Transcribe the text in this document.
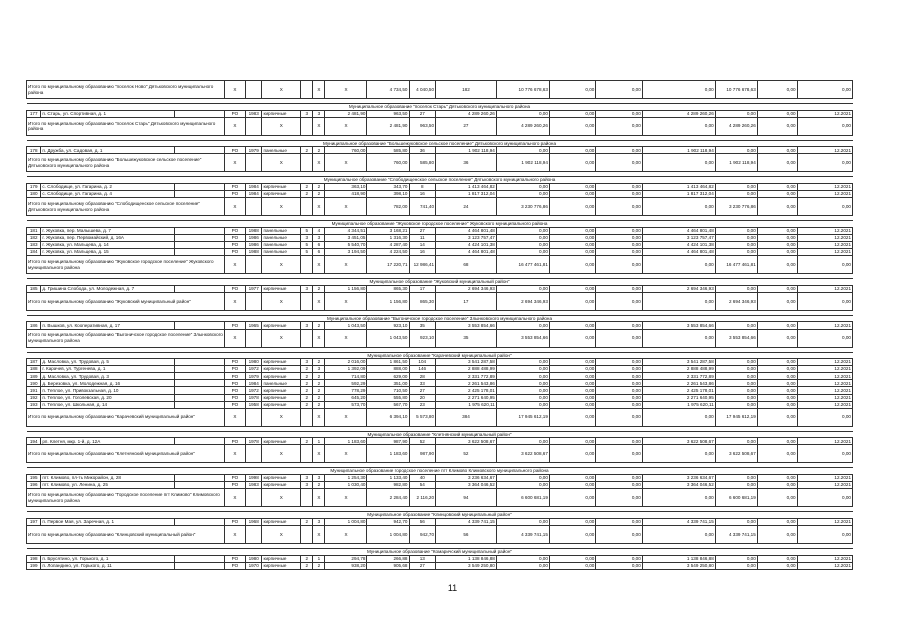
Итого по муниципальному образованию "поселок Ново" Дятьковского муниципального района			X		X		X	X	4 734,50	4 040,50	182	10 776 678,63	0,00	0,00	0,00	10 776 678,63	0,00	0,00

Муниципальное образование "поселок Старь" Дятьковского муниципального района																		
177	п. Старь, ул. Спортивная, д. 1		РО	1983	кирпичные	3	3	2 481,90	963,50	27	4 289 260,26	0,00	0,00	0,00	4 289 260,26	0,00	0,00	12.2021
Итого по муниципальному образованию "поселок Старь" Дятьковского муниципального района			X		X		X	X	2 481,90	963,50	27	4 289 260,26	0,00	0,00	0,00	4 289 260,26	0,00	0,00

Муниципальное образование "Большежуковское сельское поселение" Дятьковского муниципального района																		
178	п. Дружба, ул. Садовая, д. 1		РО	1979	панельные	2	2	760,00	585,80	36	1 902 118,94	0,00	0,00	0,00	1 902 118,94	0,00	0,00	12.2021
Итого по муниципальному образованию "Большежуковское сельское поселение" Дятьковского муниципального района			X		X		X	X	760,00	585,80	36	1 902 118,94	0,00	0,00	0,00	1 902 118,94	0,00	0,00

Муниципальное образование "Слободищенское сельское поселение" Дятьковского муниципального района																		
179	с. Слободище, ул. Гагарина, д. 2		РО	1984	кирпичные	2	2	363,10	343,70	8	1 413 464,82	0,00	0,00	0,00	1 413 464,82	0,00	0,00	12.2021
180	с. Слободище, ул. Гагарина, д. 4		РО	1984	кирпичные	2	2	418,90	398,10	16	1 817 312,04	0,00	0,00	0,00	1 817 312,04	0,00	0,00	12.2021
Итого по муниципальному образованию "Слободищенское сельское поселение" Дятьковского муниципального района			X		X		X	X	782,00	741,40	24	3 230 776,86	0,00	0,00	0,00	3 230 776,86	0,00	0,00

Муниципальное образование "Жуковское городское поселение" Жуковского муниципального района																		
181	г. Жуковка, пер. Малышева, д. 7		РО	1988	панельные	5	4	4 344,51	3 168,21	27	4 464 801,48	0,00	0,00	0,00	4 464 801,48	0,00	0,00	12.2021
182	г. Жуковка, пер. Первомайский, д. 16А		РО	1986	панельные	3	3	3 451,05	1 316,30	11	3 123 757,47	0,00	0,00	0,00	3 123 757,47	0,00	0,00	12.2021
183	г. Жуковка, ул. Мальцева, д. 14		РО	1986	панельные	5	6	5 540,70	4 287,40	14	4 424 101,38	0,00	0,00	0,00	4 424 101,38	0,00	0,00	12.2021
184	г. Жуковка, ул. Мальцева, д. 15		РО	1988	панельные	5	6	3 194,50	4 224,50	16	4 464 801,48	0,00	0,00	0,00	4 464 801,48	0,00	0,00	12.2021
Итого по муниципальному образованию "Жуковское городское поселение" Жуковского муниципального района			X		X		X	X	17 220,71	12 986,41	68	16 477 461,81	0,00	0,00	0,00	16 477 461,81	0,00	0,00

Муниципальное образование "Жуковский муниципальный район"																		
185	д. Гришина Слобода, ул. Молодежная, д. 7		РО	1977	кирпичные	3	2	1 156,80	865,30	17	2 694 346,93	0,00	0,00	0,00	2 694 346,93	0,00	0,00	12.2021
Итого по муниципальному образованию "Жуковский муниципальный район"			X		X		X	X	1 156,80	865,30	17	2 694 346,93	0,00	0,00	0,00	2 694 346,93	0,00	0,00

Муниципальное образование "Выгоничское городское поселение" Злынковского муниципального района																		
186	п. Вышков, ул. Кооперативная, д. 17		РО	1965	кирпичные	3	2	1 043,50	923,10	35	3 553 854,66	0,00	0,00	0,00	3 553 854,66	0,00	0,00	12.2021
Итого по муниципальному образованию "Выгоничское городское поселение" Злынковского муниципального района			X		X		X	X	1 043,50	923,10	35	3 553 854,66	0,00	0,00	0,00	3 553 854,66	0,00	0,00

Муниципальное образование "Карачевский муниципальный район"																		
187	д. Масловка, ул. Трудовая, д. 5		РО	1980	кирпичные	3	2	2 016,00	1 861,50	104	3 541 287,58	0,00	0,00	0,00	3 541 287,58	0,00	0,00	12.2021
188	г. Карачев, ул. Тургенева, д. 1		РО	1972	кирпичные	2	3	1 392,09	888,00	146	2 888 488,99	0,00	0,00	0,00	2 888 488,99	0,00	0,00	12.2021
189	д. Масловка, ул. Трудовая, д. 3		РО	1979	кирпичные	2	2	714,80	629,00	28	2 331 772,89	0,00	0,00	0,00	2 331 772,89	0,00	0,00	12.2021
190	д. Березовка, ул. Молодежная, д. 16		РО	1984	панельные	2	2	592,29	351,00	33	2 261 543,86	0,00	0,00	0,00	2 261 543,86	0,00	0,00	12.2021
191	п. Теплое, ул. Привокзальная, д. 10		РО	1972	кирпичные	2	2	778,29	710,50	27	2 425 178,01	0,00	0,00	0,00	2 425 178,01	0,00	0,00	12.2021
192	п. Теплое, ул. Гоголевская, д. 20		РО	1978	кирпичные	2	2	645,20	555,80	20	2 271 640,95	0,00	0,00	0,00	2 271 640,95	0,00	0,00	12.2021
193	п. Теплое, ул. Школьная, д. 14		РО	1958	кирпичные	2	2	573,70	567,70	23	1 975 620,11	0,00	0,00	0,00	1 975 620,11	0,00	0,00	12.2021
Итого по муниципальному образованию "Карачевский муниципальный район"			X		X		X	X	6 394,10	5 573,80	384	17 945 612,19	0,00	0,00	0,00	17 945 612,19	0,00	0,00

Муниципальное образование "Клетнянский муниципальный район"																		
194	рп. Клетня, мкр. 1-й, д. 12А		РО	1978	кирпичные	2	1	1 183,60	987,90	52	3 622 508,67	0,00	0,00	0,00	3 622 508,67	0,00	0,00	12.2021
Итого по муниципальному образованию "Клетнянский муниципальный район"			X		X		X	X	1 183,60	987,90	52	3 622 508,67	0,00	0,00	0,00	3 622 508,67	0,00	0,00

Муниципальное образование городское поселение пгт Климово Климовского муниципального района																		
195	пгт. Климово, пл-ть Микорайон, д. 28		РО	1998	кирпичные	3	3	1 254,30	1 133,40	40	3 236 634,67	0,00	0,00	0,00	3 236 634,67	0,00	0,00	12.2021
196	пгт. Климово, ул. Ленина, д. 25		РО	1983	кирпичные	3	2	1 030,40	982,80	54	3 364 046,52	0,00	0,00	0,00	3 364 046,52	0,00	0,00	12.2021
Итого по муниципальному образованию "Городское поселение пгт Климово" Климовского муниципального района			X		X		X	X	2 284,40	2 116,20	94	6 600 681,19	0,00	0,00	0,00	6 600 681,19	0,00	0,00

Муниципальное образование "Клинцовский муниципальный район"																		
197	п. Первое Мая, ул. Заречная, д. 1		РО	1968	кирпичные	2	3	1 004,80	942,70	56	4 339 741,15	0,00	0,00	0,00	4 339 741,15	0,00	0,00	12.2021
Итого по муниципальному образованию "Клинцовский муниципальный район"			X		X		X	X	1 004,80	942,70	56	4 339 741,15	0,00	0,00	0,00	4 339 741,15	0,00	0,00

Муниципальное образование "Комаричский муниципальный район"																		
198	п. Брусятино, ул. Горького, д. 1		РО	1980	кирпичные	2	1	294,78	266,88	13	1 138 846,88	0,00	0,00	0,00	1 138 846,88	0,00	0,00	12.2021
199	п. Лопандино, ул. Горького, д. 11		РО	1970	кирпичные	2	2	938,20	905,68	27	3 549 250,80	0,00	0,00	0,00	3 549 250,80	0,00	0,00	12.2021
11
